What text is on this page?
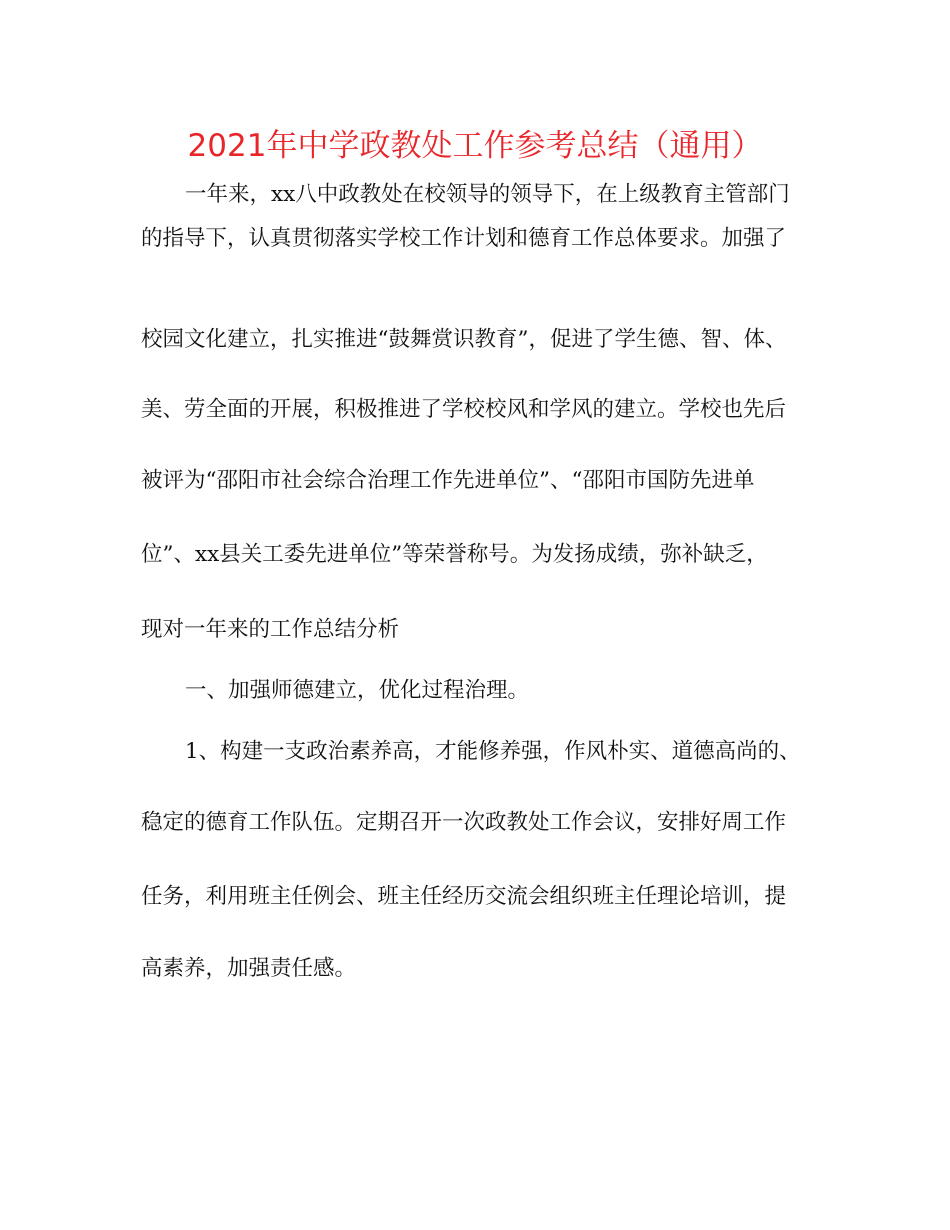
2021年中学政教处工作参考总结（通用）
一年来，xx八中政教处在校领导的领导下，在上级教育主管部门
的指导下，认真贯彻落实学校工作计划和德育工作总体要求。加强了
校园文化建立，扎实推进“鼓舞赏识教育”，促进了学生德、智、体、
美、劳全面的开展，积极推进了学校校风和学风的建立。学校也先后
被评为“邵阳市社会综合治理工作先进单位”、“邵阳市国防先进单
位”、xx县关工委先进单位”等荣誉称号。为发扬成绩，弥补缺乏，
现对一年来的工作总结分析
一、加强师德建立，优化过程治理。
1、构建一支政治素养高，才能修养强，作风朴实、道德高尚的、
稳定的德育工作队伍。定期召开一次政教处工作会议，安排好周工作
任务，利用班主任例会、班主任经历交流会组织班主任理论培训，提
高素养，加强责任感。
